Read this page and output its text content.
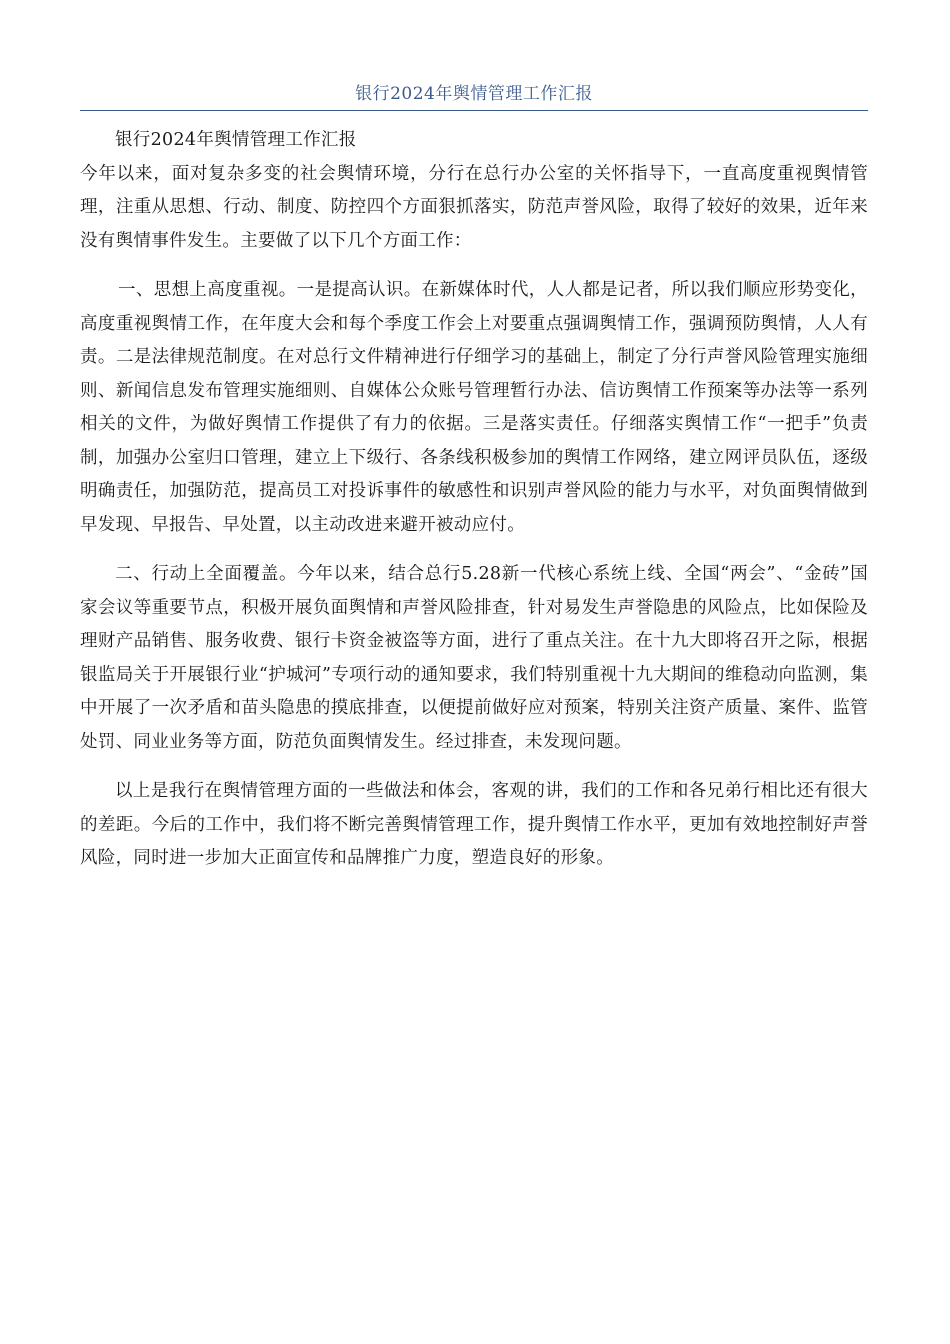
银行2024年舆情管理工作汇报

银行2024年舆情管理工作汇报

今年以来，面对复杂多变的社会舆情环境，分行在总行办公室的关怀指导下，一直高度重视舆情管理，注重从思想、行动、制度、防控四个方面狠抓落实，防范声誉风险，取得了较好的效果，近年来没有舆情事件发生。主要做了以下几个方面工作：

一、思想上高度重视。一是提高认识。在新媒体时代，人人都是记者，所以我们顺应形势变化，高度重视舆情工作，在年度大会和每个季度工作会上对要重点强调舆情工作，强调预防舆情，人人有责。二是法律规范制度。在对总行文件精神进行仔细学习的基础上，制定了分行声誉风险管理实施细则、新闻信息发布管理实施细则、自媒体公众账号管理暂行办法、信访舆情工作预案等办法等一系列相关的文件，为做好舆情工作提供了有力的依据。三是落实责任。仔细落实舆情工作“一把手”负责制，加强办公室归口管理，建立上下级行、各条线积极参加的舆情工作网络，建立网评员队伍，逐级明确责任，加强防范，提高员工对投诉事件的敏感性和识别声誉风险的能力与水平，对负面舆情做到早发现、早报告、早处置，以主动改进来避开被动应付。

二、行动上全面覆盖。今年以来，结合总行5.28新一代核心系统上线、全国“两会”、“金砖”国家会议等重要节点，积极开展负面舆情和声誉风险排查，针对易发生声誉隐患的风险点，比如保险及理财产品销售、服务收费、银行卡资金被盗等方面，进行了重点关注。在十九大即将召开之际，根据银监局关于开展银行业“护城河”专项行动的通知要求，我们特别重视十九大期间的维稳动向监测，集中开展了一次矛盾和苗头隐患的摸底排查，以便提前做好应对预案，特别关注资产质量、案件、监管处罚、同业业务等方面，防范负面舆情发生。经过排查，未发现问题。

以上是我行在舆情管理方面的一些做法和体会，客观的讲，我们的工作和各兄弟行相比还有很大的差距。今后的工作中，我们将不断完善舆情管理工作，提升舆情工作水平，更加有效地控制好声誉风险，同时进一步加大正面宣传和品牌推广力度，塑造良好的形象。
